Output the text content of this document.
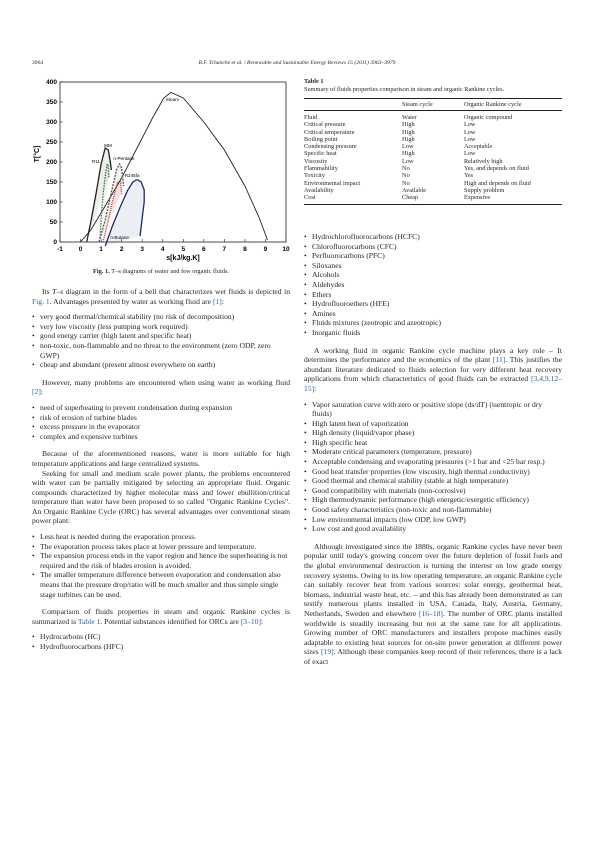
3964	B.F. Tchanche et al. / Renewable and Sustainable Energy Reviews 15 (2011) 3963–3979
-1 0	1	2	3	4	5	6	7	8	9 10
0
50
100
150
200
250
300
350
400
s[kJ/kg.K]
T[°C]
Steam
MM
R11
n-Pentane
R245fa
n-Butane
Fig. 1. T–s diagrams of water and few organic fluids.
Table 1
Summary of fluids properties comparison in steam and organic Rankine cycles.
	Steam cycle	Organic Rankine cycle
Fluid	Water	Organic compound
Critical pressure	High	Low
Critical temperature	High	Low
Boiling point	High	Low
Condensing pressure	Low	Acceptable
Specific heat	High	Low
Viscosity	Low	Relatively high
Flammability	No	Yes, and depends on fluid
Toxicity	No	Yes
Environmental impact	No	High and depends on fluid
Availability	Available	Supply problem
Cost	Cheap	Expensive

Its T–s diagram in the form of a bell that characterizes wet fluids is depicted in Fig. 1. Advantages presented by water as working fluid are [1]:

• very good thermal/chemical stability (no risk of decomposition)
• very low viscosity (less pumping work required)
• good energy carrier (high latent and specific heat)
• non-toxic, non-flammable and no threat to the environment (zero ODP, zero GWP)
• cheap and abundant (present almost everywhere on earth)

However, many problems are encountered when using water as working fluid [2]:

• need of superheating to prevent condensation during expansion
• risk of erosion of turbine blades
• excess pressure in the evaporator
• complex and expensive turbines

Because of the aforementioned reasons, water is more suitable for high temperature applications and large centralized systems.

Seeking for small and medium scale power plants, the problems encountered with water can be partially mitigated by selecting an appropriate fluid. Organic compounds characterized by higher molecular mass and lower ebullition/critical temperature than water have been proposed to so called "Organic Rankine Cycles". An Organic Rankine Cycle (ORC) has several advantages over conventional steam power plant:

• Less heat is needed during the evaporation process.
• The evaporation process takes place at lower pressure and temperature.
• The expansion process ends in the vapor region and hence the superheating is not required and the risk of blades erosion is avoided.
• The smaller temperature difference between evaporation and condensation also means that the pressure drop/ratio will be much smaller and thus simple single stage turbines can be used.

Comparison of fluids properties in steam and organic Rankine cycles is summarized is Table 1. Potential substances identified for ORCs are [3–10]:

• Hydrocarbons (HC)
• Hydrofluorocarbons (HFC)
• Hydrochlorofluorocarbons (HCFC)
• Chlorofluorocarbons (CFC)
• Perfluorocarbons (PFC)
• Siloxanes
• Alcohols
• Aldehydes
• Ethers
• Hydrofluoroethers (HFE)
• Amines
• Fluids mixtures (zeotropic and azeotropic)
• Inorganic fluids

A working fluid in organic Rankine cycle machine plays a key role – It determines the performance and the economics of the plant [11]. This justifies the abundant literature dedicated to fluids selection for very different heat recovery applications from which characteristics of good fluids can be extracted [3,4,9,12–15]:

• Vapor saturation curve with zero or positive slope (ds/dT) (isentropic or dry fluids)
• High latent heat of vaporization
• High density (liquid/vapor phase)
• High specific heat
• Moderate critical parameters (temperature, pressure)
• Acceptable condensing and evaporating pressures (>1 bar and <25 bar resp.)
• Good heat transfer properties (low viscosity, high thermal conductivity)
• Good thermal and chemical stability (stable at high temperature)
• Good compatibility with materials (non-corrosive)
• High thermodynamic performance (high energetic/exergetic efficiency)
• Good safety characteristics (non-toxic and non-flammable)
• Low environmental impacts (low ODP, low GWP)
• Low cost and good availability

Although investigated since the 1880s, organic Rankine cycles have never been popular until today's growing concern over the future depletion of fossil fuels and the global environmental destruction is turning the interest on low grade energy recovery systems. Owing to its low operating temperature, an organic Rankine cycle can suitably recover heat from various sources: solar energy, geothermal heat, biomass, industrial waste heat, etc. – and this has already been demonstrated as can testify numerous plants installed in USA, Canada, Italy, Austria, Germany, Netherlands, Sweden and elsewhere [16–18]. The number of ORC plants installed worldwide is steadily increasing but not at the same rate for all applications. Growing number of ORC manufacturers and installers propose machines easily adaptable to existing heat sources for on-site power generation at different power sizes [19]. Although these companies keep record of their references, there is a lack of exact
